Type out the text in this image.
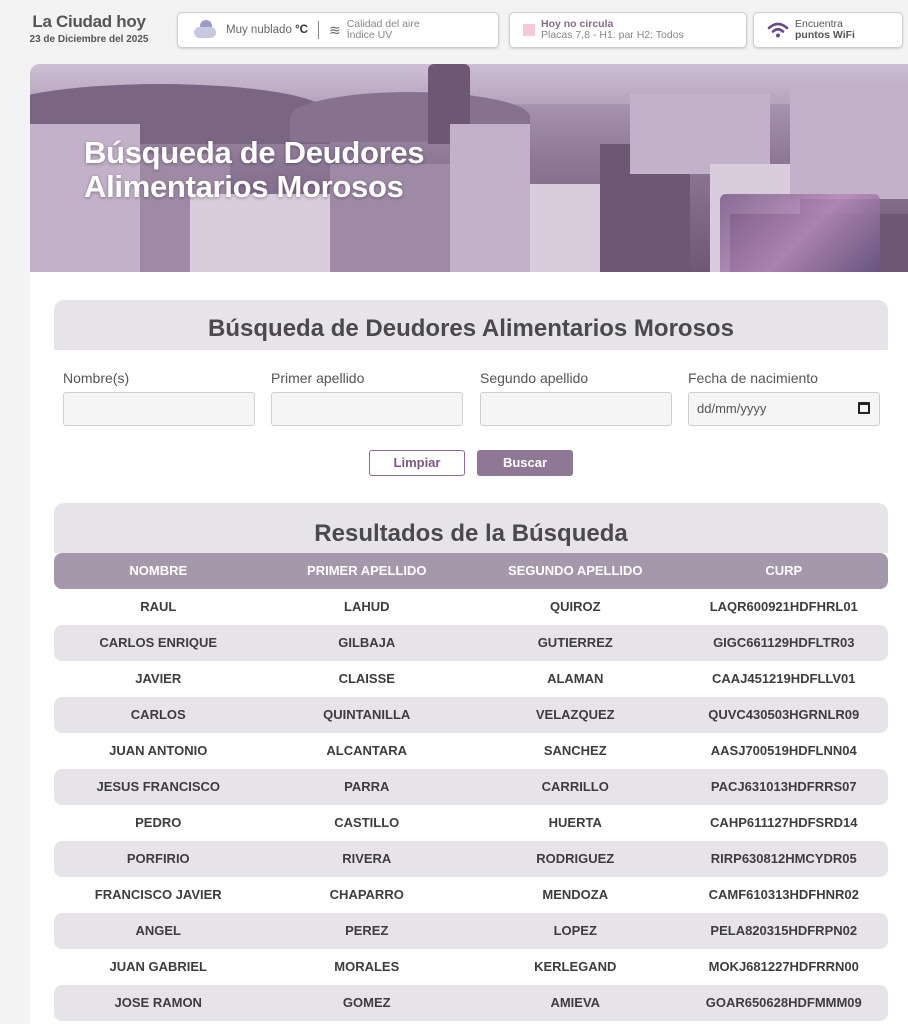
La Ciudad hoy
23 de Diciembre del 2025
Muy nublado °C ≋ Calidad del aire
Índice UV
Hoy no circula
Placas 7,8 - H1: par H2: Todos
Encuentra
puntos WiFi
Búsqueda de Deudores
Alimentarios Morosos
Búsqueda de Deudores Alimentarios Morosos
Nombre(s)	Primer apellido	Segundo apellido	Fecha de nacimiento
dd/mm/yyyy
Limpiar	Buscar
Resultados de la Búsqueda
NOMBRE	PRIMER APELLIDO	SEGUNDO APELLIDO	CURP
RAUL	LAHUD	QUIROZ	LAQR600921HDFHRL01
CARLOS ENRIQUE	GILBAJA	GUTIERREZ	GIGC661129HDFLTR03
JAVIER	CLAISSE	ALAMAN	CAAJ451219HDFLLV01
CARLOS	QUINTANILLA	VELAZQUEZ	QUVC430503HGRNLR09
JUAN ANTONIO	ALCANTARA	SANCHEZ	AASJ700519HDFLNN04
JESUS FRANCISCO	PARRA	CARRILLO	PACJ631013HDFRRS07
PEDRO	CASTILLO	HUERTA	CAHP611127HDFSRD14
PORFIRIO	RIVERA	RODRIGUEZ	RIRP630812HMCYDR05
FRANCISCO JAVIER	CHAPARRO	MENDOZA	CAMF610313HDFHNR02
ANGEL	PEREZ	LOPEZ	PELA820315HDFRPN02
JUAN GABRIEL	MORALES	KERLEGAND	MOKJ681227HDFRRN00
JOSE RAMON	GOMEZ	AMIEVA	GOAR650628HDFMMM09
